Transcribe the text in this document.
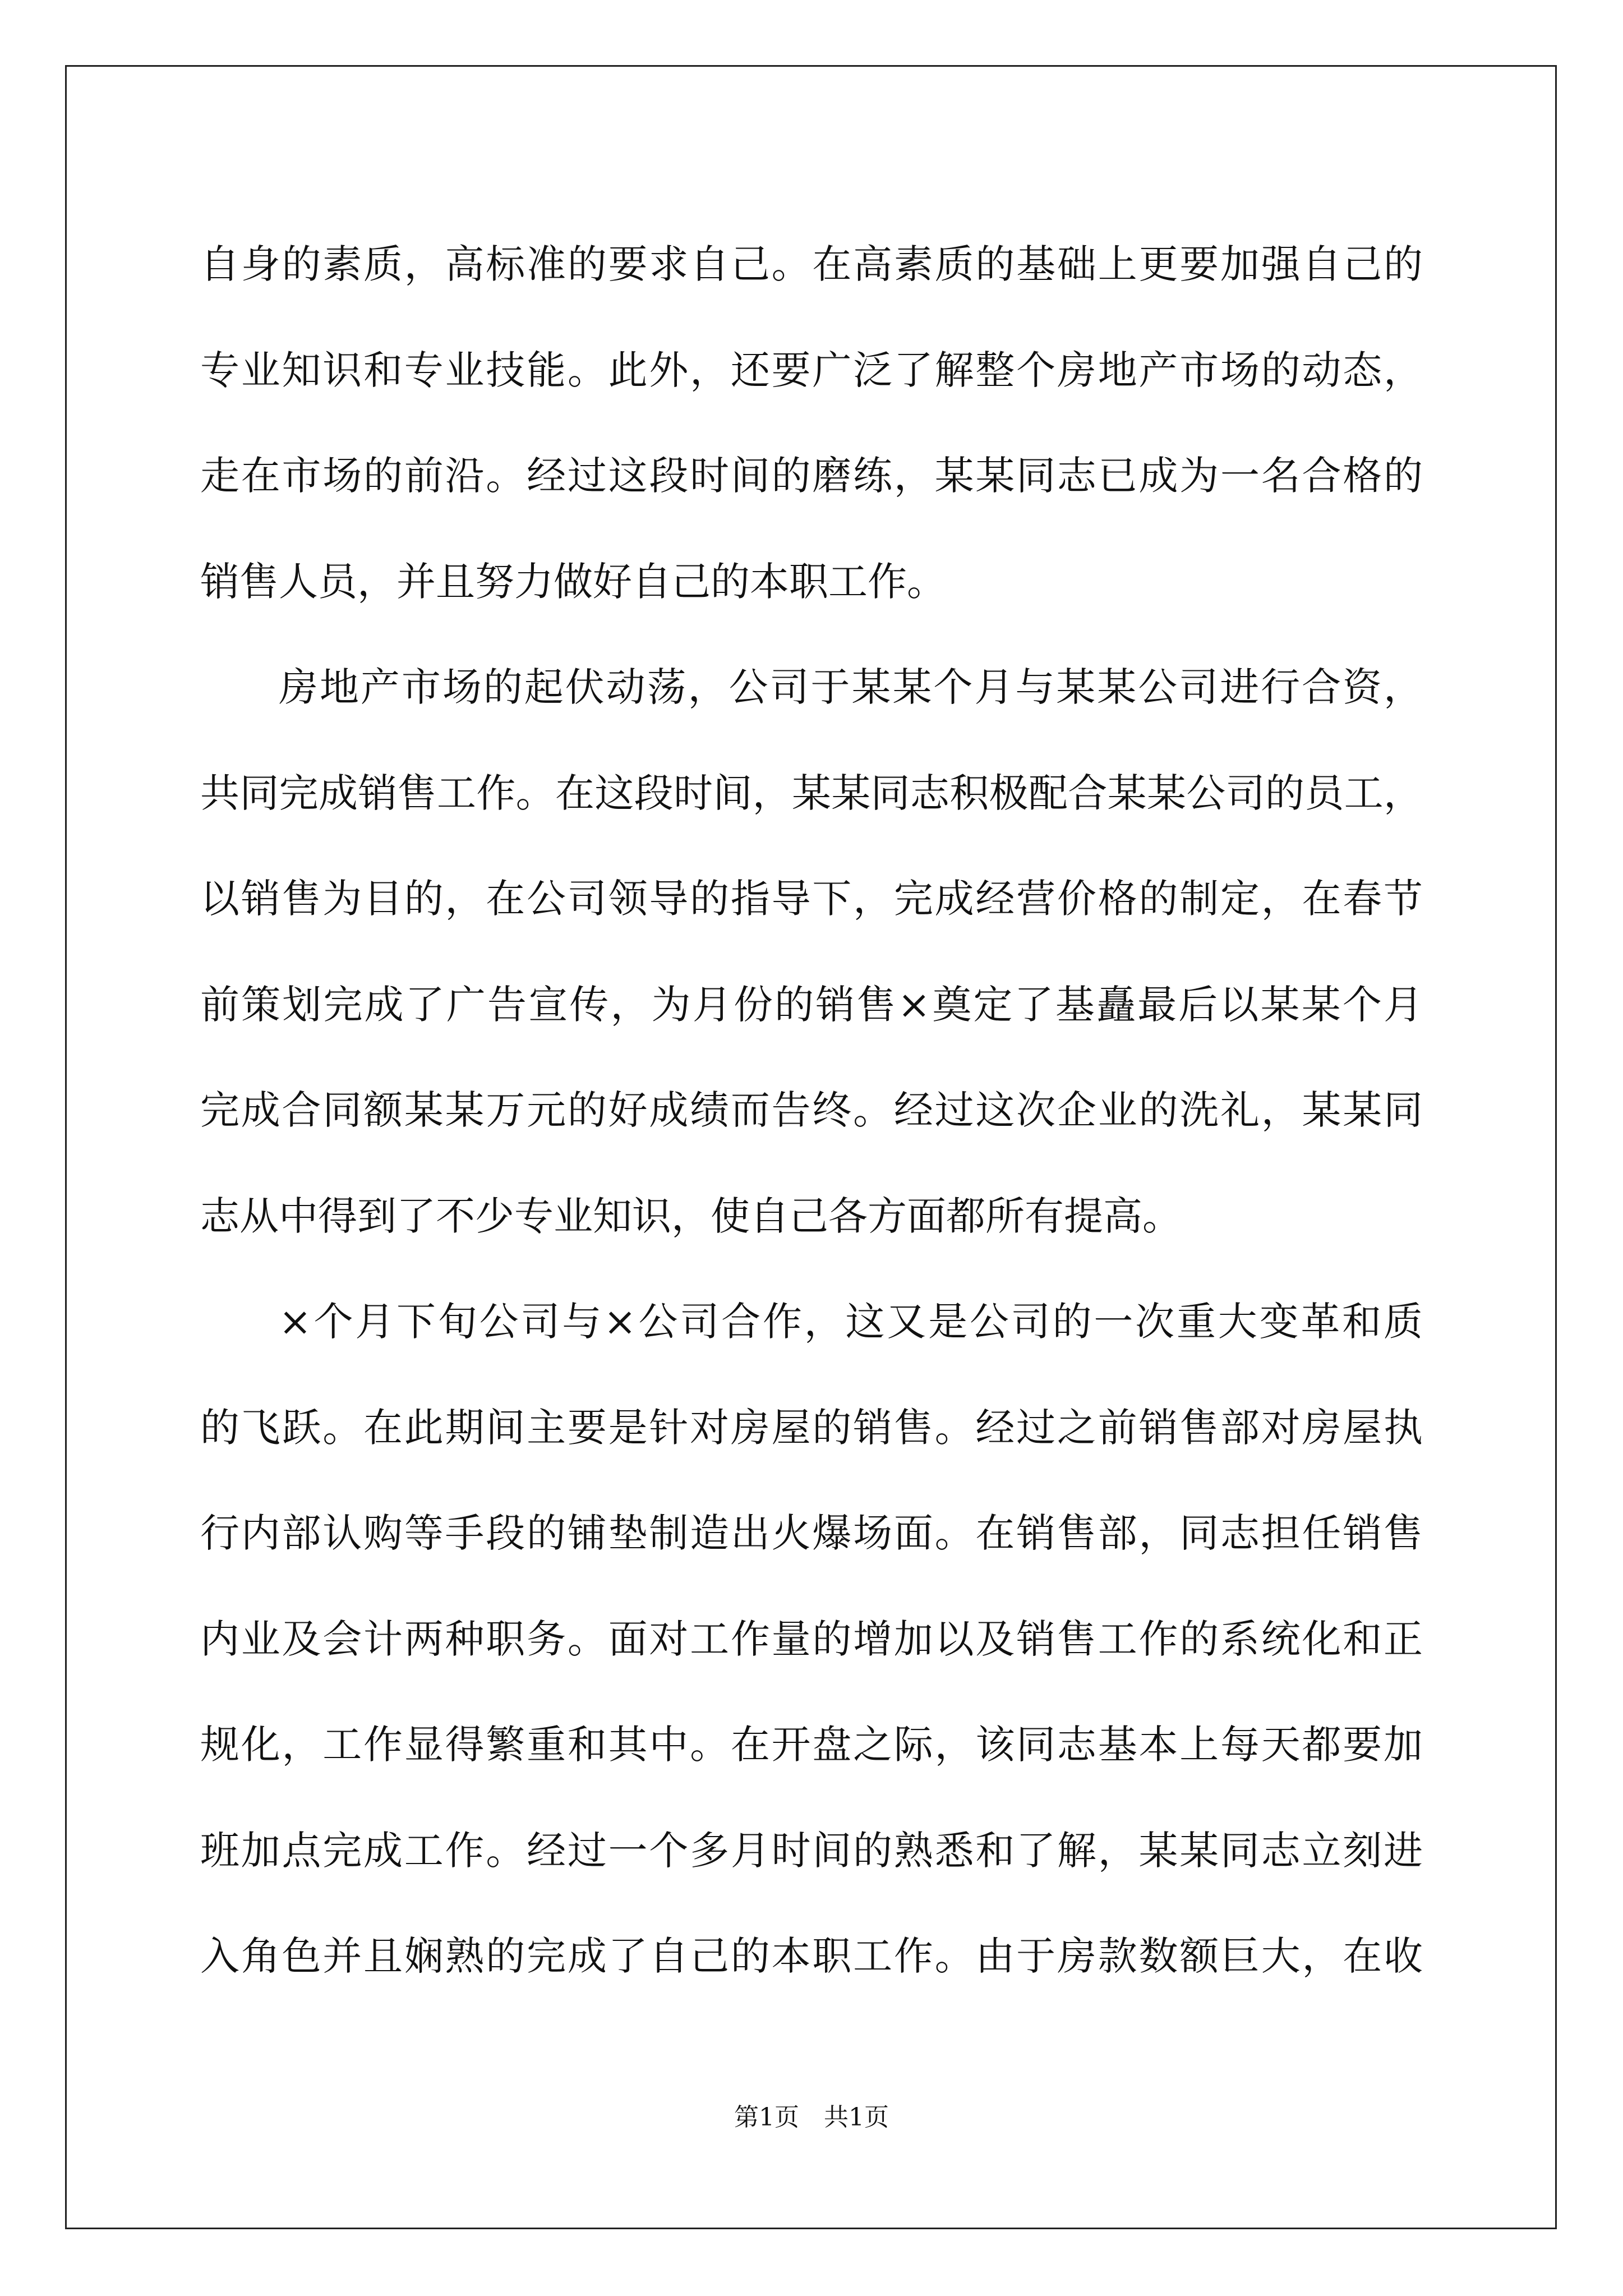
自身的素质，高标准的要求自己。在高素质的基础上更要加强自己的
专业知识和专业技能。此外，还要广泛了解整个房地产市场的动态，
走在市场的前沿。经过这段时间的磨练，某某同志已成为一名合格的
销售人员，并且努力做好自己的本职工作。
房地产市场的起伏动荡，公司于某某个月与某某公司进行合资，
共同完成销售工作。在这段时间，某某同志积极配合某某公司的员工，
以销售为目的，在公司领导的指导下，完成经营价格的制定，在春节
前策划完成了广告宣传，为月份的销售×奠定了基矗最后以某某个月
完成合同额某某万元的好成绩而告终。经过这次企业的洗礼，某某同
志从中得到了不少专业知识，使自己各方面都所有提高。
×个月下旬公司与×公司合作，这又是公司的一次重大变革和质
的飞跃。在此期间主要是针对房屋的销售。经过之前销售部对房屋执
行内部认购等手段的铺垫制造出火爆场面。在销售部，同志担任销售
内业及会计两种职务。面对工作量的增加以及销售工作的系统化和正
规化，工作显得繁重和其中。在开盘之际，该同志基本上每天都要加
班加点完成工作。经过一个多月时间的熟悉和了解，某某同志立刻进
入角色并且娴熟的完成了自己的本职工作。由于房款数额巨大，在收
第1页　共1页
